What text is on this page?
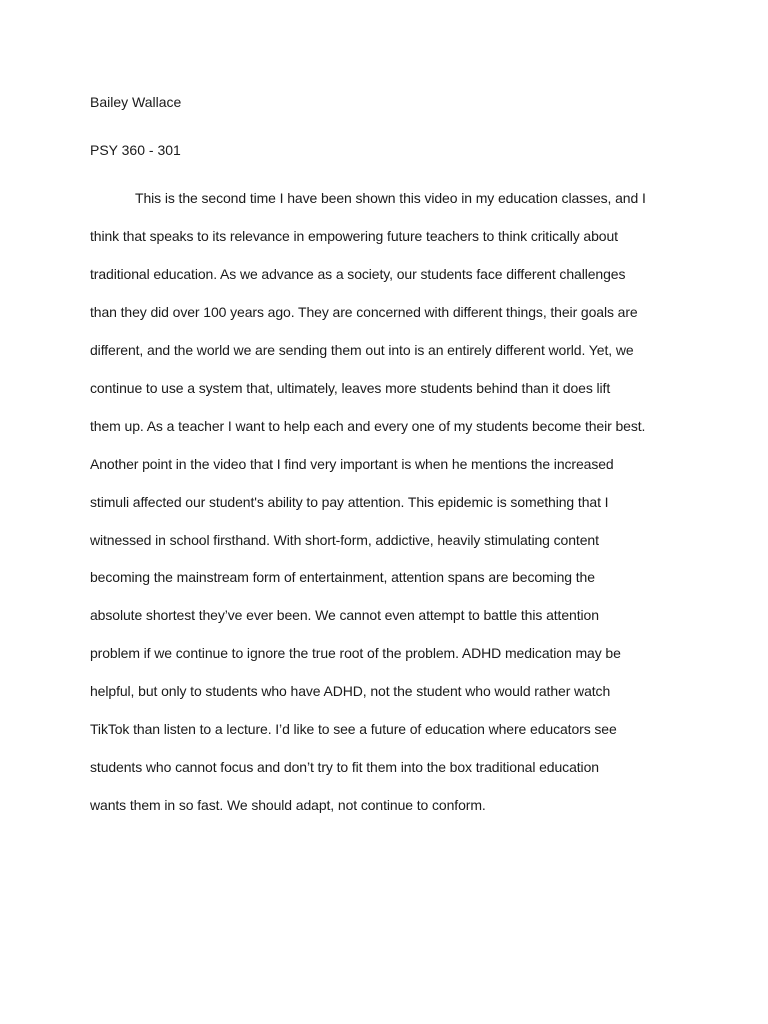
Bailey Wallace
PSY 360 - 301
This is the second time I have been shown this video in my education classes, and I
think that speaks to its relevance in empowering future teachers to think critically about
traditional education. As we advance as a society, our students face different challenges
than they did over 100 years ago. They are concerned with different things, their goals are
different, and the world we are sending them out into is an entirely different world. Yet, we
continue to use a system that, ultimately, leaves more students behind than it does lift
them up. As a teacher I want to help each and every one of my students become their best.
Another point in the video that I find very important is when he mentions the increased
stimuli affected our student's ability to pay attention. This epidemic is something that I
witnessed in school firsthand. With short-form, addictive, heavily stimulating content
becoming the mainstream form of entertainment, attention spans are becoming the
absolute shortest they’ve ever been. We cannot even attempt to battle this attention
problem if we continue to ignore the true root of the problem. ADHD medication may be
helpful, but only to students who have ADHD, not the student who would rather watch
TikTok than listen to a lecture. I’d like to see a future of education where educators see
students who cannot focus and don’t try to fit them into the box traditional education
wants them in so fast. We should adapt, not continue to conform.
